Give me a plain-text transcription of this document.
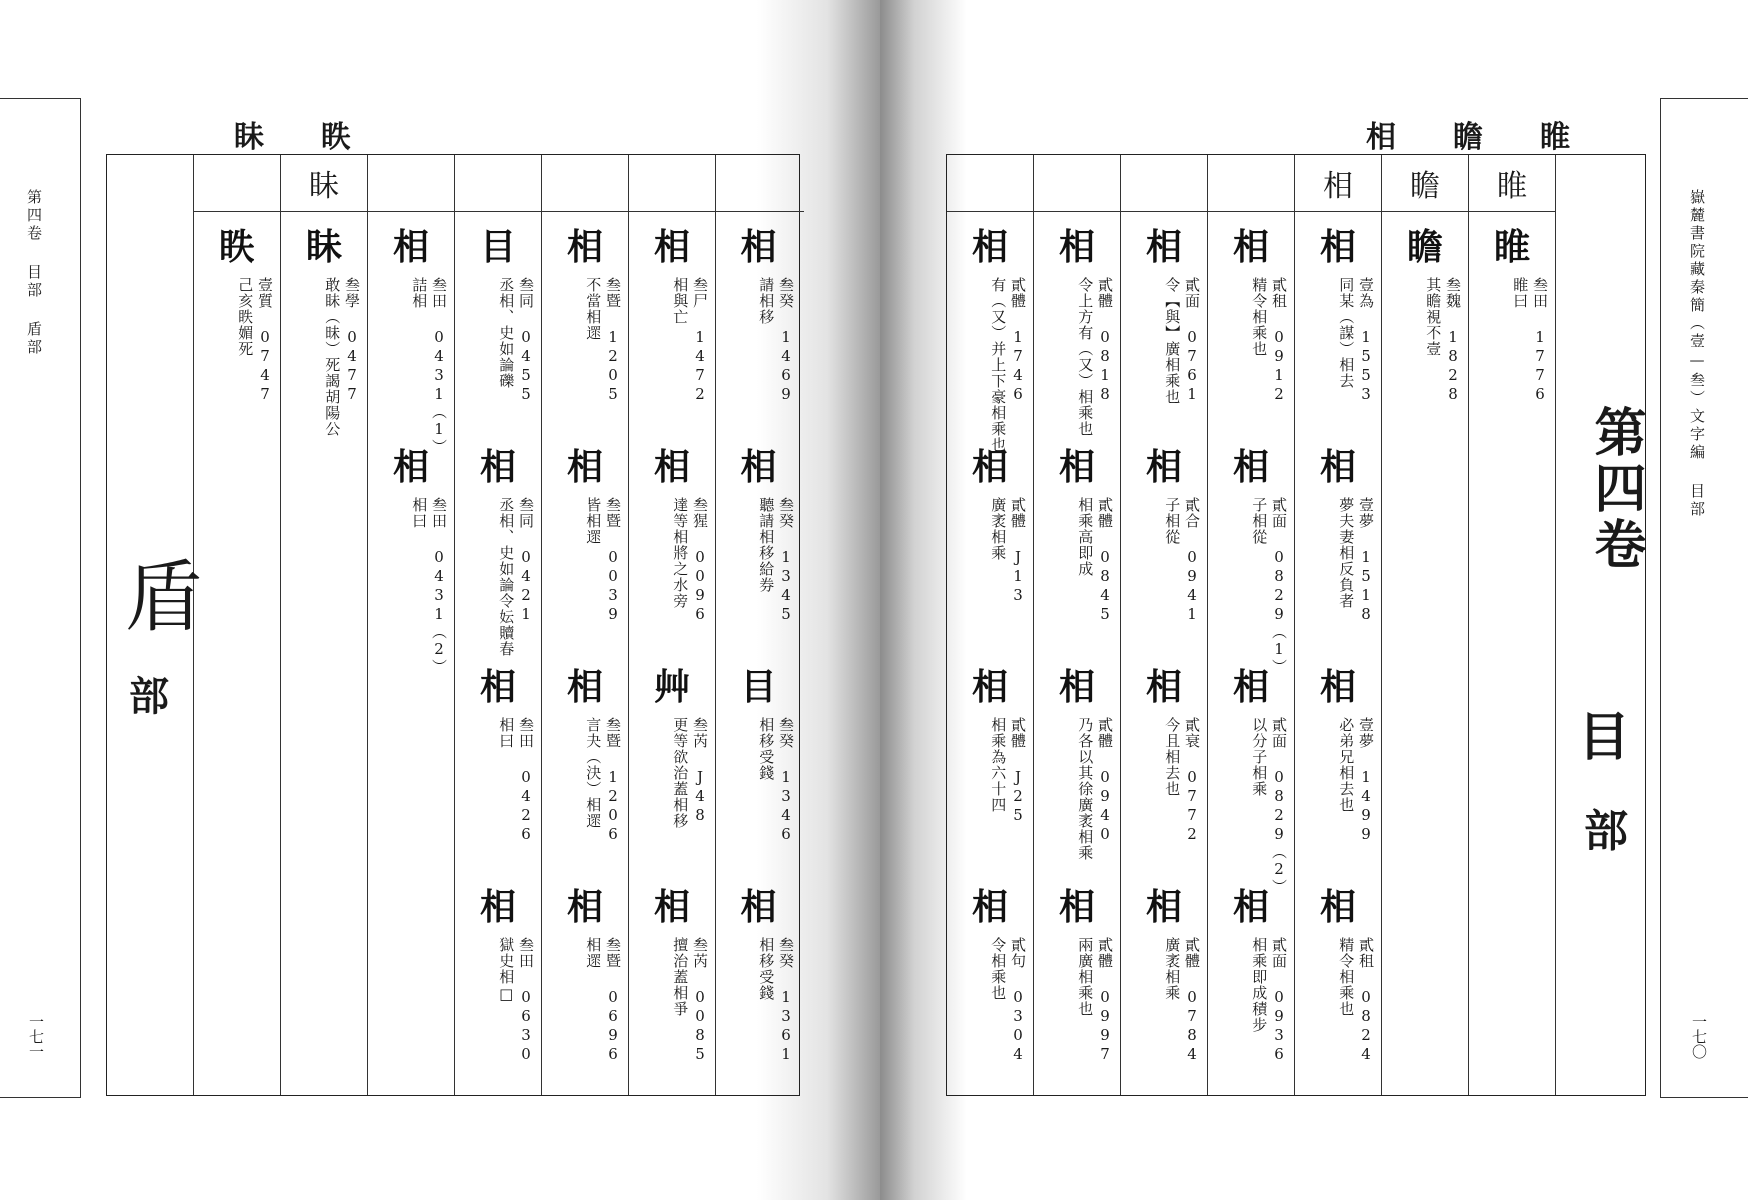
第四卷 目部 盾部
一七一
眣
眛
盾
部
眣
壹質 0747
己亥眣媚死
眛
眛
叁學 0477
敢眛（昧）死謁胡陽公
相
叁田 0431（1）
詰相
相
叁田 0431（2）
相曰
目
叁同 0455
丞相、史如論礫
相
叁同 0421
丞相、史如論令妘贖春
相
叁田 0426
相曰
相
叁田 0630
獄史相□
相
叁暨 1205
不當相遝
相
叁暨 0039
皆相遝
相
叁暨 1206
言夬（決）相遝
相
叁暨 0696
相遝
相
叁尸 1472
相與亡
相
叁猩 0096
達等相將之水旁
艸
叁芮 J48
更等欲治蓋相移
相
叁芮 0085
擅治蓋相爭
相
叁癸 1469
請相移
相
叁癸 1345
聽請相移給券
目
叁癸 1346
相移受錢
相
叁癸 1361
相移受錢
嶽麓書院藏秦簡（壹—叁）文字編 目部
一七〇
相	瞻	睢
相
貳體 1746
有（又）并上下豪相乘也
相
貳體 J13
廣袤相乘
相
貳體 J25
相乘為六十四
相
貳句 0304
令相乘也
相
貳體 0818
令上方有（又）相乘也
相
貳體 0845
相乘高即成
相
貳體 0940
乃各以其徐廣袤相乘
相
貳體 0997
兩廣相乘也
相
貳面 0761
令【與】廣相乘也
相
貳合 0941
子相從
相
貳衰 0772
今且相去也
相
貳體 0784
廣袤相乘
相
貳租 0912
精令相乘也
相
貳面 0829（1）
子相從
相
貳面 0829（2）
以分子相乘
相
貳面 0936
相乘即成積步
相
相
壹為 1553
同某（謀）相去
相
壹夢 1518
夢夫妻相反負者
相
壹夢 1499
必弟兄相去也
相
貳租 0824
精令相乘也
瞻
瞻
叁魏 1828
其瞻視不壹
睢
睢
叁田 1776
睢曰
第四卷
目
部
